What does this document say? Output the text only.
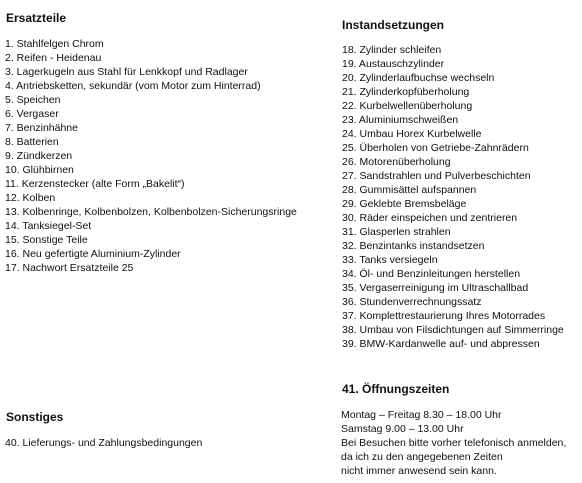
Ersatzteile
1. Stahlfelgen Chrom
2. Reifen - Heidenau
3. Lagerkugeln aus Stahl für Lenkkopf und Radlager
4. Antriebsketten, sekundär (vom Motor zum Hinterrad)
5. Speichen
6. Vergaser
7. Benzinhähne
8. Batterien
9. Zündkerzen
10. Glühbirnen
11. Kerzenstecker (alte Form „Bakelit“)
12. Kolben
13. Kolbenringe, Kolbenbolzen, Kolbenbolzen-Sicherungsringe
14. Tanksiegel-Set
15. Sonstige Teile
16. Neu gefertigte Aluminium-Zylinder
17. Nachwort Ersatzteile 25
Instandsetzungen
18. Zylinder schleifen
19. Austauschzylinder
20. Zylinderlaufbuchse wechseln
21. Zylinderkopfüberholung
22. Kurbelwellenüberholung
23. Aluminiumschweißen
24. Umbau Horex Kurbelwelle
25. Überholen von Getriebe-Zahnrädern
26. Motorenüberholung
27. Sandstrahlen und Pulverbeschichten
28. Gummisättel aufspannen
29. Geklebte Bremsbeläge
30. Räder einspeichen und zentrieren
31. Glasperlen strahlen
32. Benzintanks instandsetzen
33. Tanks versiegeln
34. Öl- und Benzinleitungen herstellen
35. Vergaserreinigung im Ultraschallbad
36. Stundenverrechnungssatz
37. Komplettrestaurierung Ihres Motorrades
38. Umbau von Filsdichtungen auf Simmerringe
39. BMW-Kardanwelle auf- und abpressen
41. Öffnungszeiten
Montag – Freitag 8.30 – 18.00 Uhr
Samstag 9.00 – 13.00 Uhr
Bei Besuchen bitte vorher telefonisch anmelden,
da ich zu den angegebenen Zeiten
nicht immer anwesend sein kann.
Sonstiges
40. Lieferungs- und Zahlungsbedingungen
